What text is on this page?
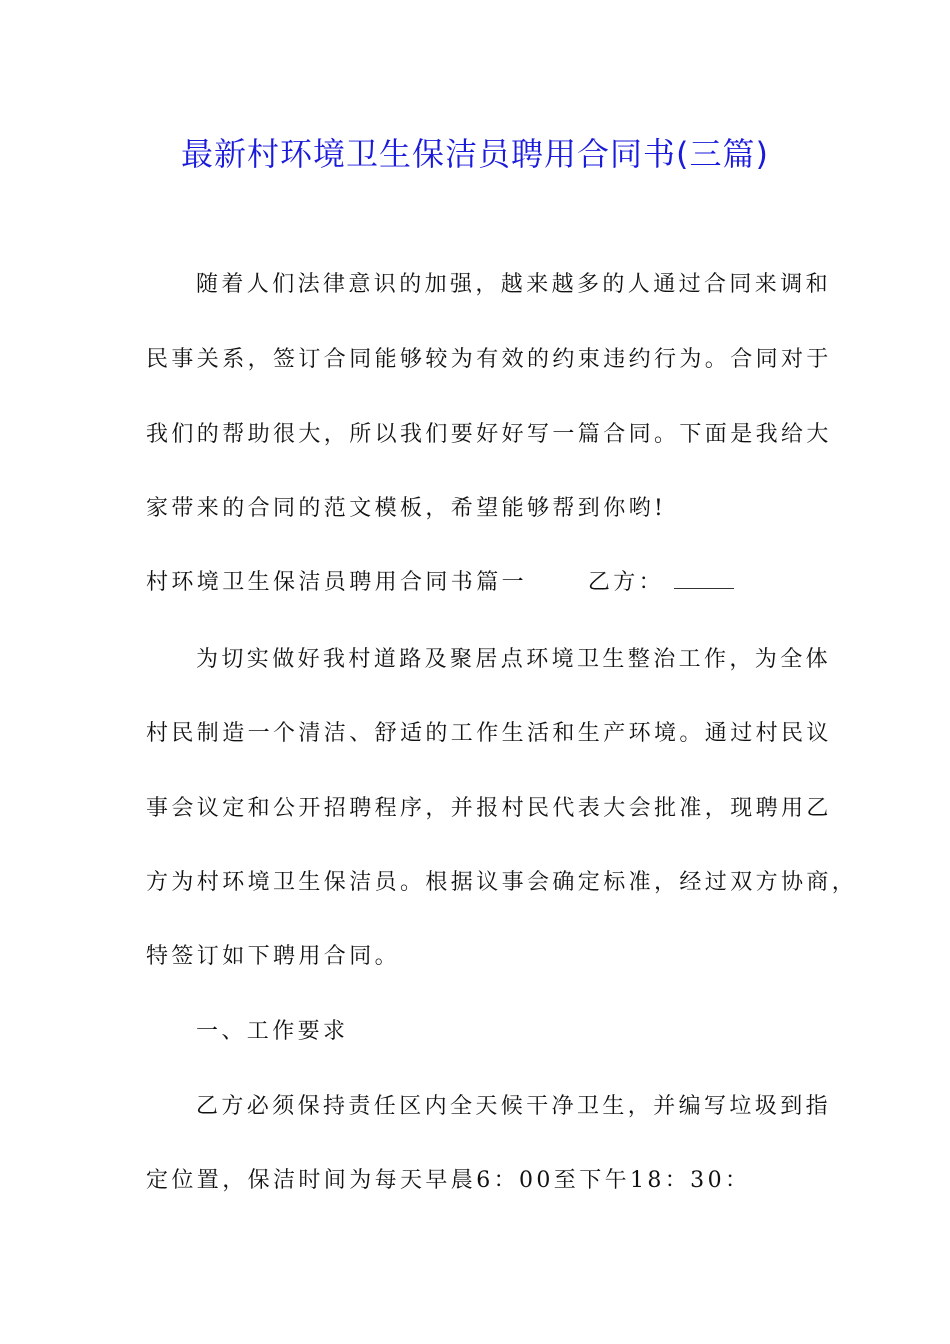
最新村环境卫生保洁员聘用合同书(三篇)
随着人们法律意识的加强，越来越多的人通过合同来调和
民事关系，签订合同能够较为有效的约束违约行为。合同对于
我们的帮助很大，所以我们要好好写一篇合同。下面是我给大
家带来的合同的范文模板，希望能够帮到你哟!
村环境卫生保洁员聘用合同书篇一	乙方：
为切实做好我村道路及聚居点环境卫生整治工作，为全体
村民制造一个清洁、舒适的工作生活和生产环境。通过村民议
事会议定和公开招聘程序，并报村民代表大会批准，现聘用乙
方为村环境卫生保洁员。根据议事会确定标准，经过双方协商，
特签订如下聘用合同。
一、工作要求
乙方必须保持责任区内全天候干净卫生，并编写垃圾到指
定位置，保洁时间为每天早晨6：00至下午18：30：
